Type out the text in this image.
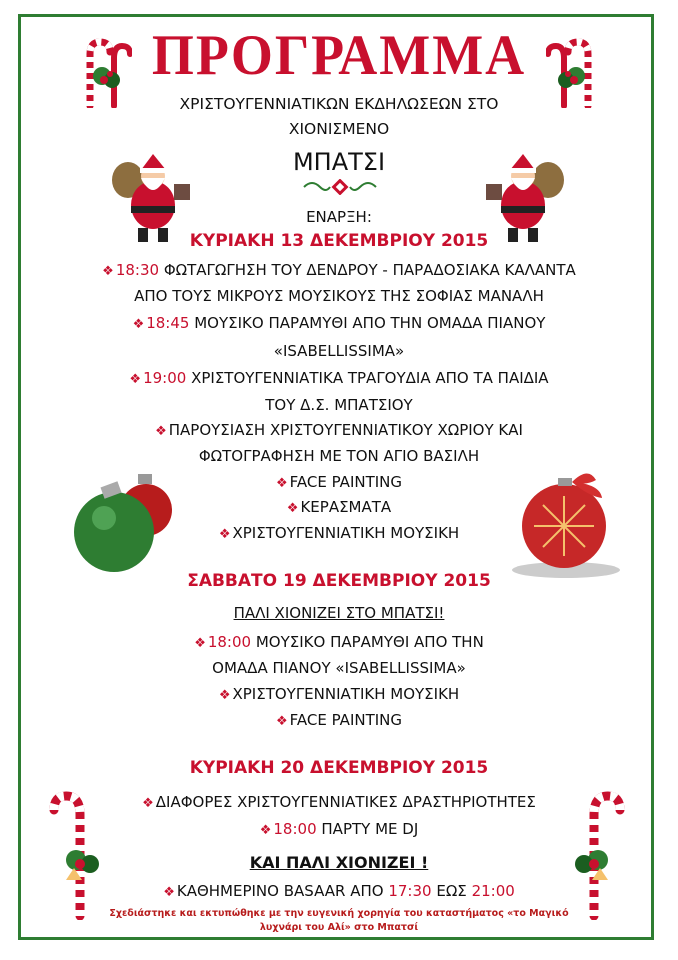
ΠΡΟΓΡΑΜΜΑ
ΧΡΙΣΤΟΥΓΕΝΝΙΑΤΙΚΩΝ ΕΚΔΗΛΩΣΕΩΝ ΣΤΟ
ΧΙΟΝΙΣΜΕΝΟ
ΜΠΑΤΣΙ
ΕΝΑΡΞΗ:
ΚΥΡΙΑΚΗ 13 ΔΕΚΕΜΒΡΙΟΥ 2015
❖ 18:30 ΦΩΤΑΓΩΓΗΣΗ ΤΟΥ ΔΕΝΔΡΟΥ - ΠΑΡΑΔΟΣΙΑΚΑ ΚΑΛΑΝΤΑ
ΑΠΟ ΤΟΥΣ ΜΙΚΡΟΥΣ ΜΟΥΣΙΚΟΥΣ ΤΗΣ ΣΟΦΙΑΣ ΜΑΝΑΛΗ
❖ 18:45 ΜΟΥΣΙΚΟ ΠΑΡΑΜΥΘΙ ΑΠΟ ΤΗΝ ΟΜΑΔΑ ΠΙΑΝΟΥ
«ISABELLISSIMA»
❖ 19:00 ΧΡΙΣΤΟΥΓΕΝΝΙΑΤΙΚΑ ΤΡΑΓΟΥΔΙΑ ΑΠΟ ΤΑ ΠΑΙΔΙΑ
ΤΟΥ Δ.Σ. ΜΠΑΤΣΙΟΥ
❖ ΠΑΡΟΥΣΙΑΣΗ ΧΡΙΣΤΟΥΓΕΝΝΙΑΤΙΚΟΥ ΧΩΡΙΟΥ ΚΑΙ
ΦΩΤΟΓΡΑΦΗΣΗ ΜΕ ΤΟΝ ΑΓΙΟ ΒΑΣΙΛΗ
❖ FACE PAINTING
❖ ΚΕΡΑΣΜΑΤΑ
❖ ΧΡΙΣΤΟΥΓΕΝΝΙΑΤΙΚΗ ΜΟΥΣΙΚΗ
ΣΑΒΒΑΤΟ 19 ΔΕΚΕΜΒΡΙΟΥ 2015
ΠΑΛΙ ΧΙΟΝΙΖΕΙ ΣΤΟ ΜΠΑΤΣΙ!
❖ 18:00 ΜΟΥΣΙΚΟ ΠΑΡΑΜΥΘΙ ΑΠΟ ΤΗΝ
ΟΜΑΔΑ ΠΙΑΝΟΥ «ISABELLISSIMA»
❖ ΧΡΙΣΤΟΥΓΕΝΝΙΑΤΙΚΗ ΜΟΥΣΙΚΗ
❖ FACE PAINTING
ΚΥΡΙΑΚΗ 20 ΔΕΚΕΜΒΡΙΟΥ 2015
❖ ΔΙΑΦΟΡΕΣ ΧΡΙΣΤΟΥΓΕΝΝΙΑΤΙΚΕΣ ΔΡΑΣΤΗΡΙΟΤΗΤΕΣ
❖ 18:00 ΠΑΡΤΥ ΜΕ DJ
ΚΑΙ ΠΑΛΙ ΧΙΟΝΙΖΕΙ !
❖ ΚΑΘΗΜΕΡΙΝΟ BASAAR ΑΠΟ 17:30 ΕΩΣ 21:00
Σχεδιάστηκε και εκτυπώθηκε με την ευγενική χορηγία του καταστήματος «το Μαγικό
λυχνάρι του Αλί» στο Μπατσί
